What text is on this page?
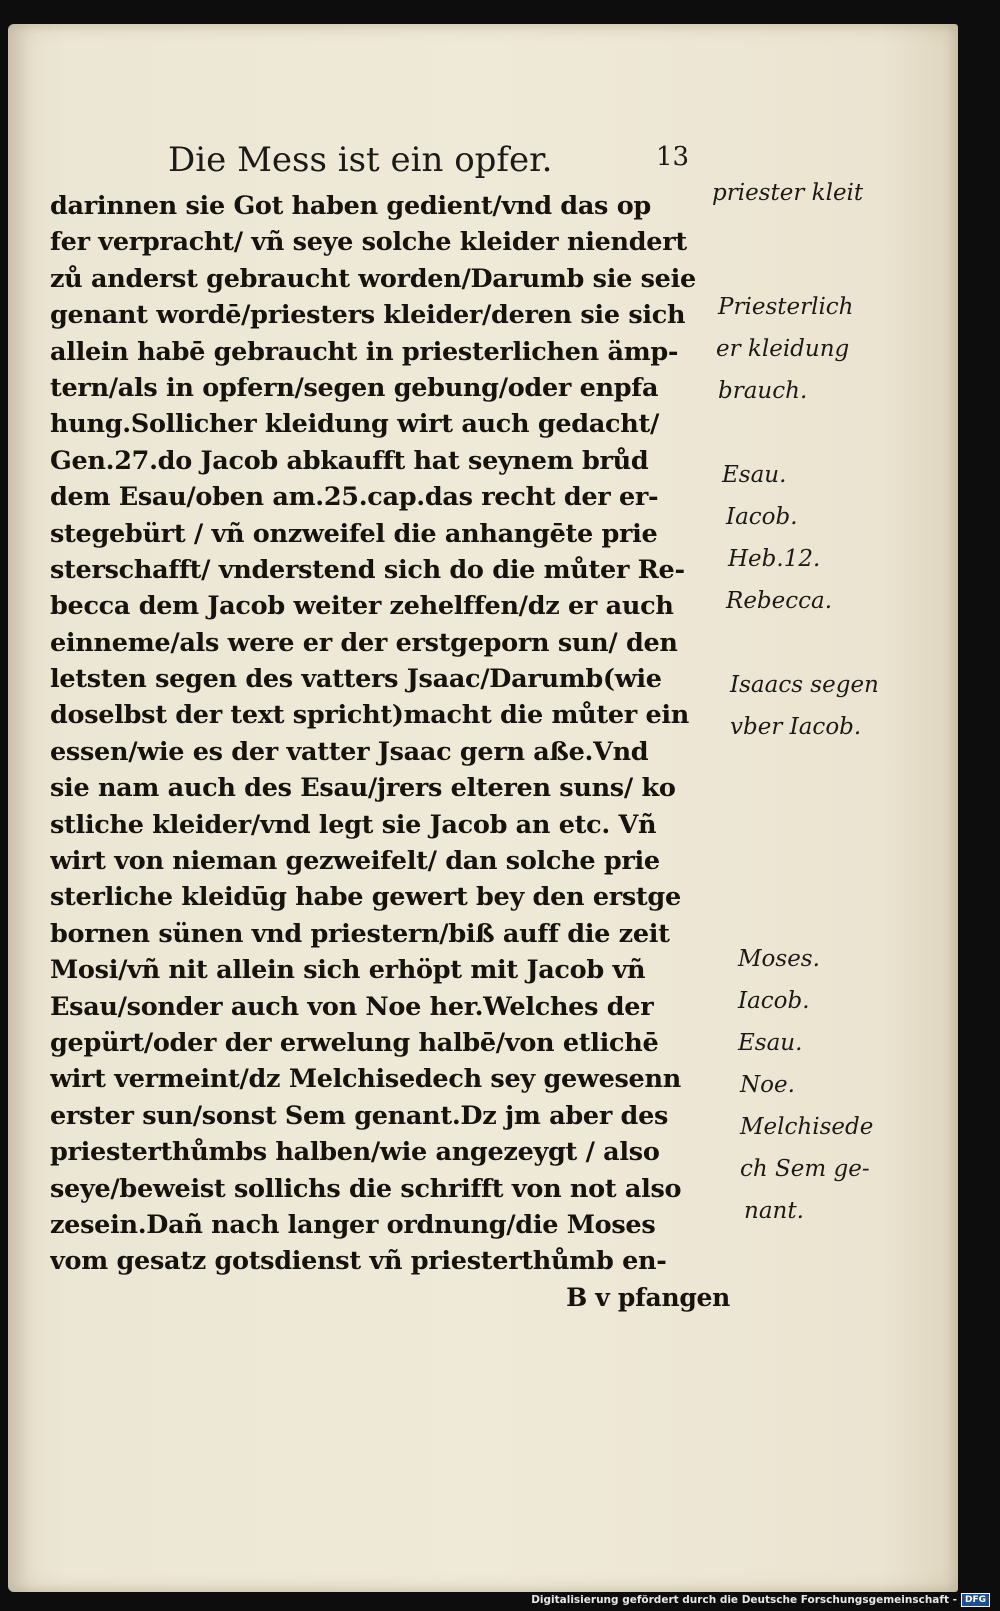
Die Mess ist ein opfer.	13
darinnen sie Got haben gedient/vnd das op
fer verpracht/ vñ seye solche kleider niendert
zů anderst gebraucht worden/Darumb sie seie
genant wordē/priesters kleider/deren sie sich
allein habē gebraucht in priesterlichen ämp-
tern/als in opfern/segen gebung/oder enpfa
hung.Sollicher kleidung wirt auch gedacht/
Gen.27.do Jacob abkaufft hat seynem brůd
dem Esau/oben am.25.cap.das recht der er-
stegebürt / vñ onzweifel die anhangēte prie
sterschafft/ vnderstend sich do die můter Re-
becca dem Jacob weiter zehelffen/dz er auch
einneme/als were er der erstgeporn sun/ den
letsten segen des vatters Jsaac/Darumb(wie
doselbst der text spricht)macht die můter ein
essen/wie es der vatter Jsaac gern aße.Vnd
sie nam auch des Esau/jrers elteren suns/ ko
stliche kleider/vnd legt sie Jacob an etc. Vñ
wirt von nieman gezweifelt/ dan solche prie
sterliche kleidūg habe gewert bey den erstge
bornen sünen vnd priestern/biß auff die zeit
Mosi/vñ nit allein sich erhöpt mit Jacob vñ
Esau/sonder auch von Noe her.Welches der
gepürt/oder der erwelung halbē/von etlichē
wirt vermeint/dz Melchisedech sey gewesenn
erster sun/sonst Sem genant.Dz jm aber des
priesterthůmbs halben/wie angezeygt / also
seye/beweist sollichs die schrifft von not also
zesein.Dañ nach langer ordnung/die Moses
vom gesatz gotsdienst vñ priesterthůmb en-
B v pfangen
priester kleit
Priesterlich
er kleidung
brauch.
Esau.
Iacob.
Heb.12.
Rebecca.
Isaacs segen
vber Iacob.
Moses.
Iacob.
Esau.
Noe.
Melchisede
ch Sem ge-
nant.
Digitalisierung gefördert durch die Deutsche Forschungsgemeinschaft - DFG
